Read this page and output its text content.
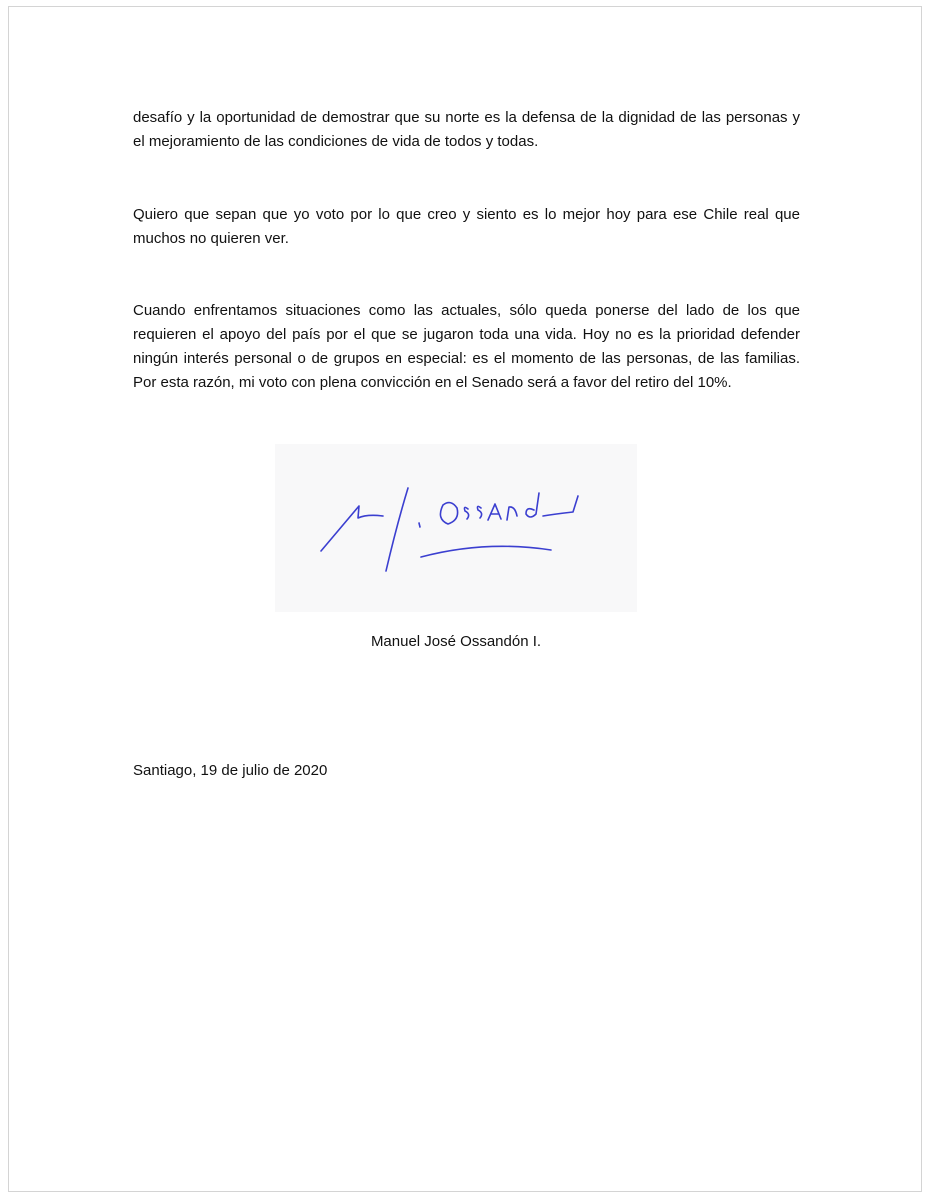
desafío y la oportunidad de demostrar que su norte es la defensa de la dignidad de las personas y el mejoramiento de las condiciones de vida de todos y todas.

Quiero que sepan que yo voto por lo que creo y siento es lo mejor hoy para ese Chile real que muchos no quieren ver.

Cuando enfrentamos situaciones como las actuales, sólo queda ponerse del lado de los que requieren el apoyo del país por el que se jugaron toda una vida. Hoy no es la prioridad defender ningún interés personal o de grupos en especial: es el momento de las personas, de las familias. Por esta razón, mi voto con plena convicción en el Senado será a favor del retiro del 10%.

Manuel José Ossandón I.

Santiago, 19 de julio de 2020
